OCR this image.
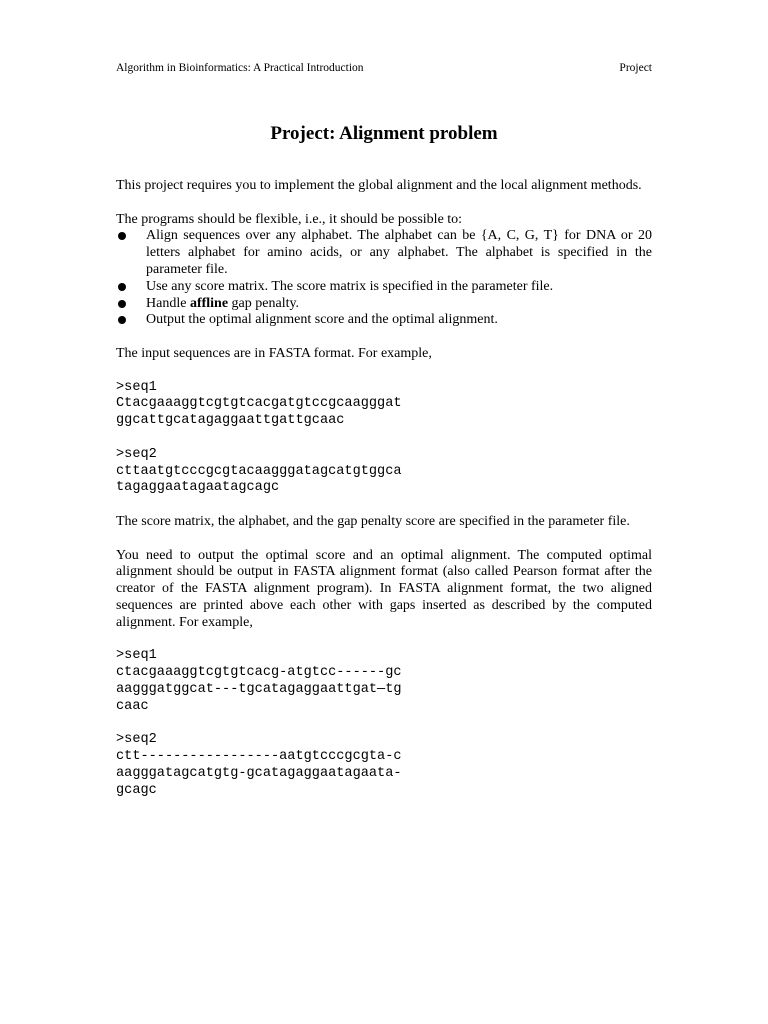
Algorithm in Bioinformatics: A Practical Introduction	Project
Project: Alignment problem

This project requires you to implement the global alignment and the local alignment methods.

The programs should be flexible, i.e., it should be possible to:

Align sequences over any alphabet. The alphabet can be {A, C, G, T} for DNA or 20 letters alphabet for amino acids, or any alphabet. The alphabet is specified in the parameter file.
Use any score matrix. The score matrix is specified in the parameter file.
Handle affline gap penalty.
Output the optimal alignment score and the optimal alignment.

The input sequences are in FASTA format. For example,

>seq1
Ctacgaaaggtcgtgtcacgatgtccgcaagggat
ggcattgcatagaggaattgattgcaac
>seq2
cttaatgtcccgcgtacaagggatagcatgtggca
tagaggaatagaatagcagc

The score matrix, the alphabet, and the gap penalty score are specified in the parameter file.

You need to output the optimal score and an optimal alignment. The computed optimal alignment should be output in FASTA alignment format (also called Pearson format after the creator of the FASTA alignment program). In FASTA alignment format, the two aligned sequences are printed above each other with gaps inserted as described by the computed alignment. For example,

>seq1
ctacgaaaggtcgtgtcacg-atgtcc------gc
aagggatggcat---tgcatagaggaattgat—tg
caac
>seq2
ctt-----------------aatgtcccgcgta-c
aagggatagcatgtg-gcatagaggaatagaata-
gcagc
